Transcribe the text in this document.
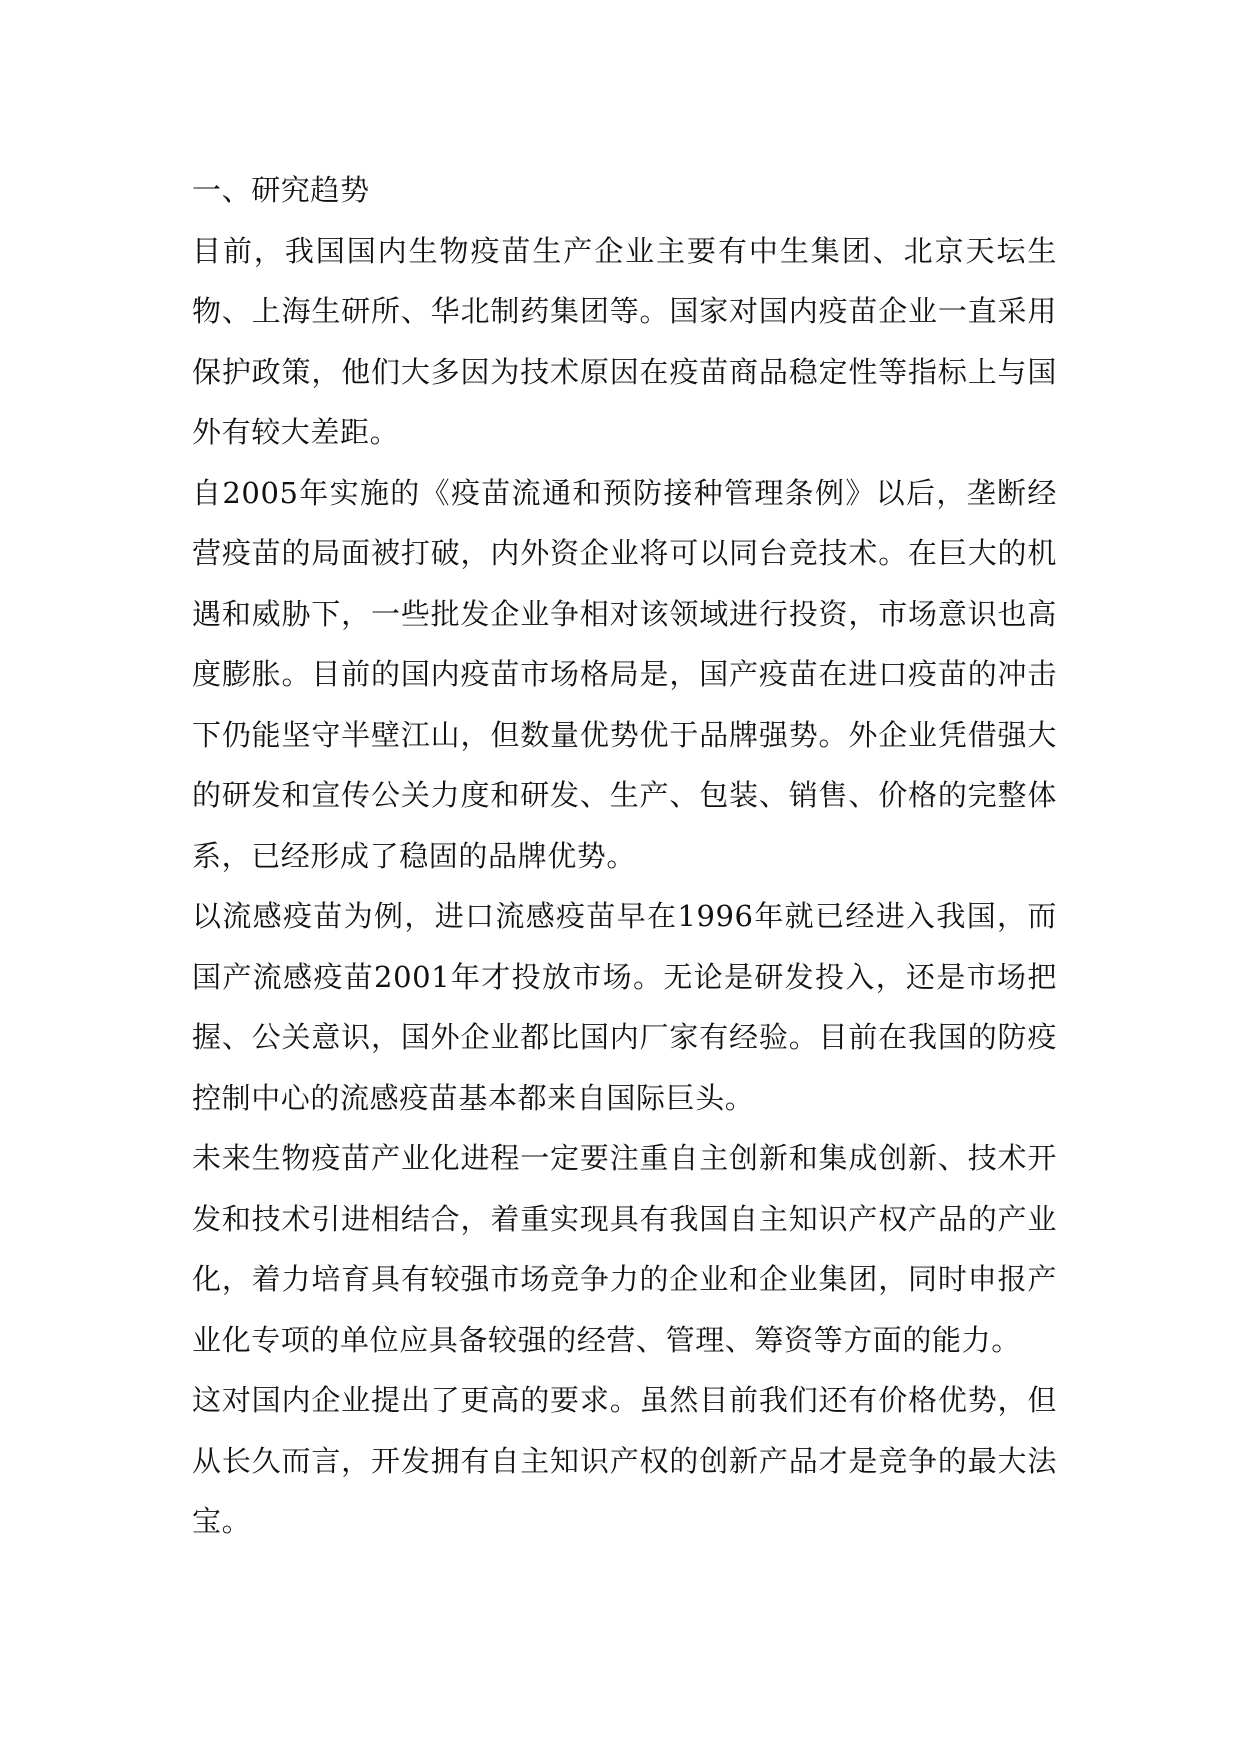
一、研究趋势

目前，我国国内生物疫苗生产企业主要有中生集团、北京天坛生物、上海生研所、华北制药集团等。国家对国内疫苗企业一直采用保护政策，他们大多因为技术原因在疫苗商品稳定性等指标上与国外有较大差距。

自2005年实施的《疫苗流通和预防接种管理条例》以后，垄断经营疫苗的局面被打破，内外资企业将可以同台竞技术。在巨大的机遇和威胁下，一些批发企业争相对该领域进行投资，市场意识也高度膨胀。目前的国内疫苗市场格局是，国产疫苗在进口疫苗的冲击下仍能坚守半壁江山，但数量优势优于品牌强势。外企业凭借强大的研发和宣传公关力度和研发、生产、包装、销售、价格的完整体系，已经形成了稳固的品牌优势。

以流感疫苗为例，进口流感疫苗早在1996年就已经进入我国，而国产流感疫苗2001年才投放市场。无论是研发投入，还是市场把握、公关意识，国外企业都比国内厂家有经验。目前在我国的防疫控制中心的流感疫苗基本都来自国际巨头。

未来生物疫苗产业化进程一定要注重自主创新和集成创新、技术开发和技术引进相结合，着重实现具有我国自主知识产权产品的产业化，着力培育具有较强市场竞争力的企业和企业集团，同时申报产业化专项的单位应具备较强的经营、管理、筹资等方面的能力。

这对国内企业提出了更高的要求。虽然目前我们还有价格优势，但从长久而言，开发拥有自主知识产权的创新产品才是竞争的最大法宝。
